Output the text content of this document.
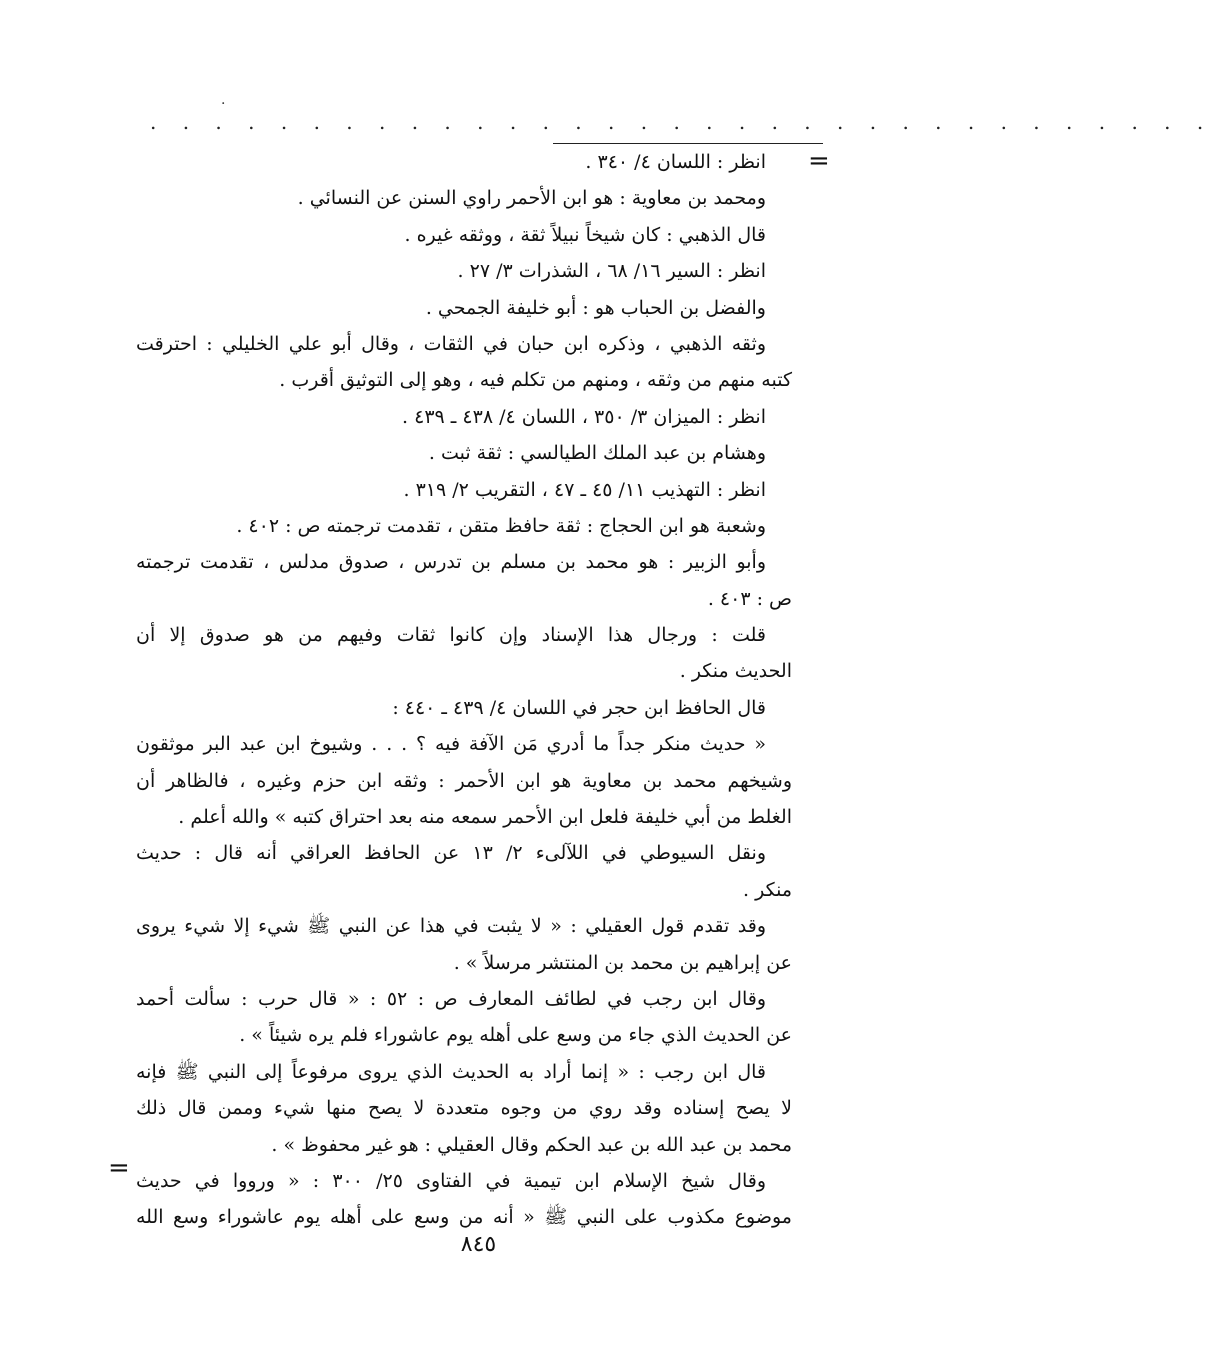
·
. . . . . . . . . . . . . . . . . . . . . . . . . . . . . . . . .
=
انظر : اللسان ٤/ ٣٤٠ .
ومحمد بن معاوية : هو ابن الأحمر راوي السنن عن النسائي .
قال الذهبي : كان شيخاً نبيلاً ثقة ، ووثقه غيره .
انظر : السير ١٦/ ٦٨ ، الشذرات ٣/ ٢٧ .
والفضل بن الحباب هو : أبو خليفة الجمحي .
وثقه الذهبي ، وذكره ابن حبان في الثقات ، وقال أبو علي الخليلي : احترقت
كتبه منهم من وثقه ، ومنهم من تكلم فيه ، وهو إلى التوثيق أقرب .
انظر : الميزان ٣/ ٣٥٠ ، اللسان ٤/ ٤٣٨ ـ ٤٣٩ .
وهشام بن عبد الملك الطيالسي : ثقة ثبت .
انظر : التهذيب ١١/ ٤٥ ـ ٤٧ ، التقريب ٢/ ٣١٩ .
وشعبة هو ابن الحجاج : ثقة حافظ متقن ، تقدمت ترجمته ص : ٤٠٢ .
وأبو الزبير : هو محمد بن مسلم بن تدرس ، صدوق مدلس ، تقدمت ترجمته
ص : ٤٠٣ .
قلت : ورجال هذا الإسناد وإن كانوا ثقات وفيهم من هو صدوق إلا أن
الحديث منكر .
قال الحافظ ابن حجر في اللسان ٤/ ٤٣٩ ـ ٤٤٠ :
« حديث منكر جداً ما أدري مَن الآفة فيه ؟ . . . وشيوخ ابن عبد البر موثقون
وشيخهم محمد بن معاوية هو ابن الأحمر : وثقه ابن حزم وغيره ، فالظاهر أن
الغلط من أبي خليفة فلعل ابن الأحمر سمعه منه بعد احتراق كتبه » والله أعلم .
ونقل السيوطي في اللآلىء ٢/ ١٣ عن الحافظ العراقي أنه قال : حديث
منكر .
وقد تقدم قول العقيلي : « لا يثبت في هذا عن النبي ﷺ شيء إلا شيء يروى
عن إبراهيم بن محمد بن المنتشر مرسلاً » .
وقال ابن رجب في لطائف المعارف ص : ٥٢ : « قال حرب : سألت أحمد
عن الحديث الذي جاء من وسع على أهله يوم عاشوراء فلم يره شيئاً » .
قال ابن رجب : « إنما أراد به الحديث الذي يروى مرفوعاً إلى النبي ﷺ فإنه
لا يصح إسناده وقد روي من وجوه متعددة لا يصح منها شيء وممن قال ذلك
محمد بن عبد الله بن عبد الحكم وقال العقيلي : هو غير محفوظ » .
وقال شيخ الإسلام ابن تيمية في الفتاوى ٢٥/ ٣٠٠ : « ورووا في حديث
موضوع مكذوب على النبي ﷺ « أنه من وسع على أهله يوم عاشوراء وسع الله
=
٨٤٥
